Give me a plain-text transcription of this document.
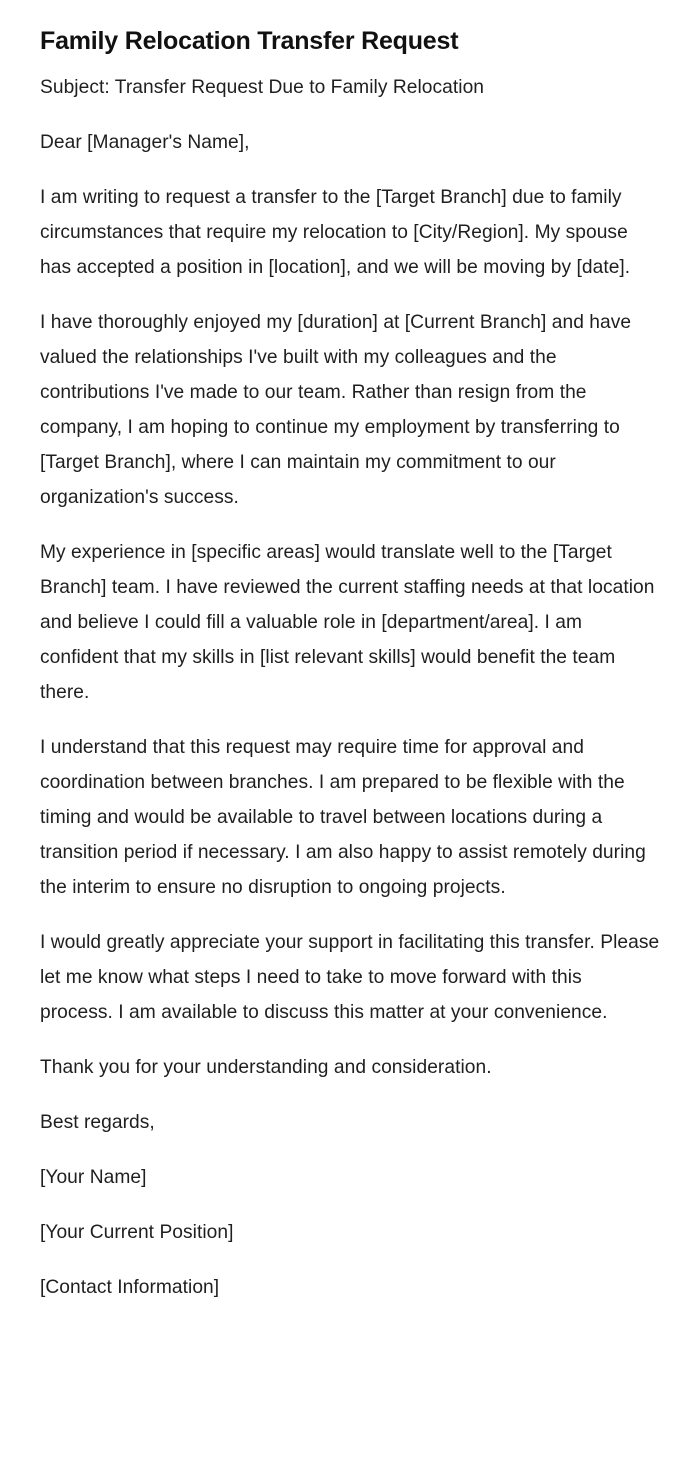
Family Relocation Transfer Request

Subject: Transfer Request Due to Family Relocation

Dear [Manager's Name],

I am writing to request a transfer to the [Target Branch] due to family circumstances that require my relocation to [City/Region]. My spouse has accepted a position in [location], and we will be moving by [date].

I have thoroughly enjoyed my [duration] at [Current Branch] and have valued the relationships I've built with my colleagues and the contributions I've made to our team. Rather than resign from the company, I am hoping to continue my employment by transferring to [Target Branch], where I can maintain my commitment to our organization's success.

My experience in [specific areas] would translate well to the [Target Branch] team. I have reviewed the current staffing needs at that location and believe I could fill a valuable role in [department/area]. I am confident that my skills in [list relevant skills] would benefit the team there.

I understand that this request may require time for approval and coordination between branches. I am prepared to be flexible with the timing and would be available to travel between locations during a transition period if necessary. I am also happy to assist remotely during the interim to ensure no disruption to ongoing projects.

I would greatly appreciate your support in facilitating this transfer. Please let me know what steps I need to take to move forward with this process. I am available to discuss this matter at your convenience.

Thank you for your understanding and consideration.

Best regards,

[Your Name]

[Your Current Position]

[Contact Information]
